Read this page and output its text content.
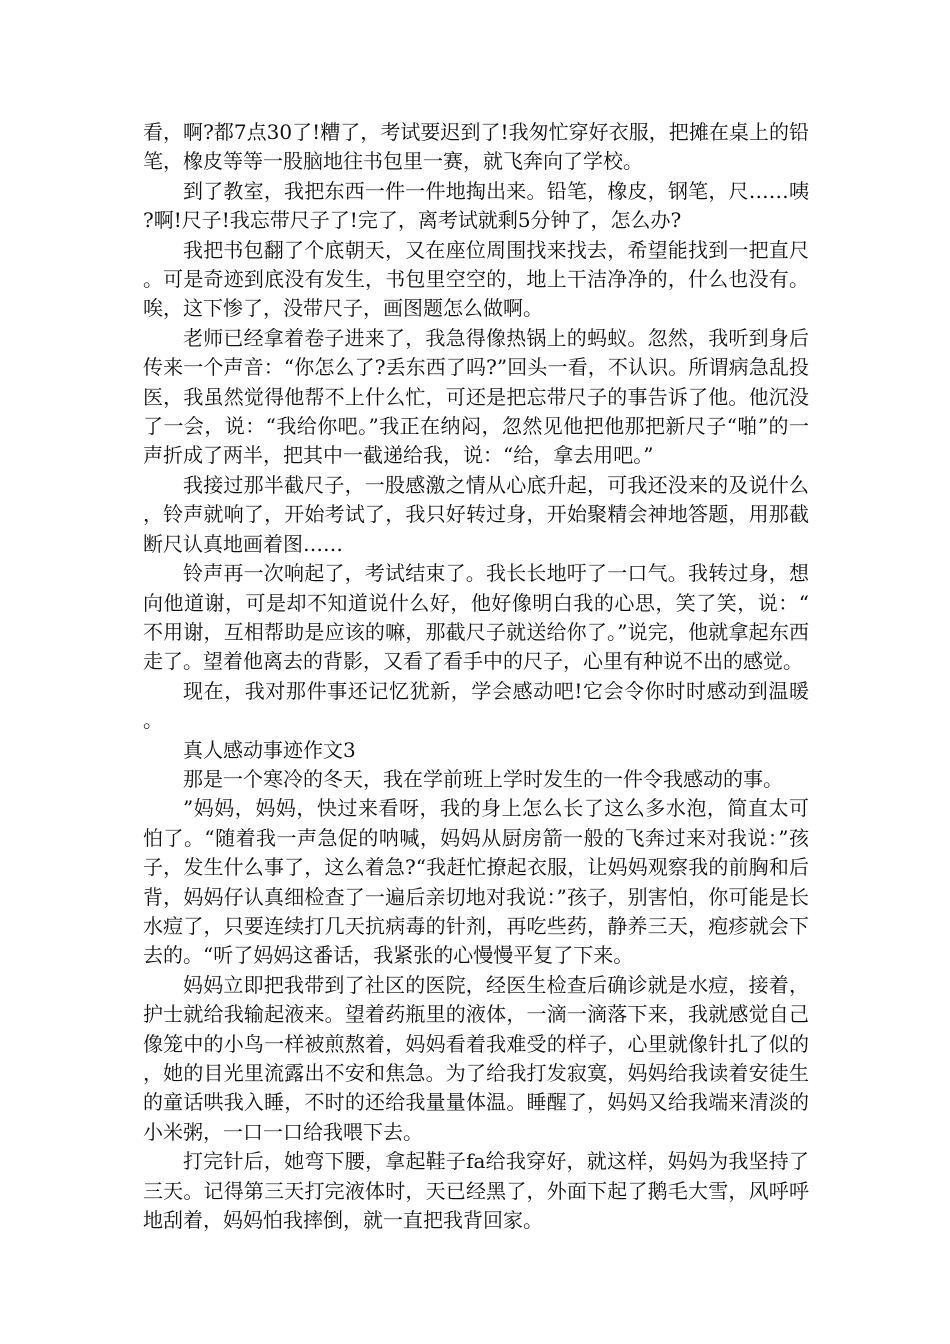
看，啊?都7点30了!糟了，考试要迟到了!我匆忙穿好衣服，把摊在桌上的铅笔，橡皮等等一股脑地往书包里一赛，就飞奔向了学校。

到了教室，我把东西一件一件地掏出来。铅笔，橡皮，钢笔，尺……咦?啊!尺子!我忘带尺子了!完了，离考试就剩5分钟了，怎么办?

我把书包翻了个底朝天，又在座位周围找来找去，希望能找到一把直尺。可是奇迹到底没有发生，书包里空空的，地上干洁净净的，什么也没有。唉，这下惨了，没带尺子，画图题怎么做啊。

老师已经拿着卷子进来了，我急得像热锅上的蚂蚁。忽然，我听到身后传来一个声音：“你怎么了?丢东西了吗?”回头一看，不认识。所谓病急乱投医，我虽然觉得他帮不上什么忙，可还是把忘带尺子的事告诉了他。他沉没了一会，说：“我给你吧。”我正在纳闷，忽然见他把他那把新尺子“啪”的一声折成了两半，把其中一截递给我，说：“给，拿去用吧。”

我接过那半截尺子，一股感激之情从心底升起，可我还没来的及说什么，铃声就响了，开始考试了，我只好转过身，开始聚精会神地答题，用那截断尺认真地画着图……

铃声再一次响起了，考试结束了。我长长地吁了一口气。我转过身，想向他道谢，可是却不知道说什么好，他好像明白我的心思，笑了笑，说：“不用谢，互相帮助是应该的嘛，那截尺子就送给你了。”说完，他就拿起东西走了。望着他离去的背影，又看了看手中的尺子，心里有种说不出的感觉。

现在，我对那件事还记忆犹新，学会感动吧!它会令你时时感动到温暖。

真人感动事迹作文3

那是一个寒冷的冬天，我在学前班上学时发生的一件令我感动的事。

”妈妈，妈妈，快过来看呀，我的身上怎么长了这么多水泡，简直太可怕了。“随着我一声急促的呐喊，妈妈从厨房箭一般的飞奔过来对我说：”孩子，发生什么事了，这么着急?“我赶忙撩起衣服，让妈妈观察我的前胸和后背，妈妈仔认真细检查了一遍后亲切地对我说：”孩子，别害怕，你可能是长水痘了，只要连续打几天抗病毒的针剂，再吃些药，静养三天，疱疹就会下去的。“听了妈妈这番话，我紧张的心慢慢平复了下来。

妈妈立即把我带到了社区的医院，经医生检查后确诊就是水痘，接着，护士就给我输起液来。望着药瓶里的液体，一滴一滴落下来，我就感觉自己像笼中的小鸟一样被煎熬着，妈妈看着我难受的样子，心里就像针扎了似的，她的目光里流露出不安和焦急。为了给我打发寂寞，妈妈给我读着安徒生的童话哄我入睡，不时的还给我量量体温。睡醒了，妈妈又给我端来清淡的小米粥，一口一口给我喂下去。

打完针后，她弯下腰，拿起鞋子fa给我穿好，就这样，妈妈为我坚持了三天。记得第三天打完液体时，天已经黑了，外面下起了鹅毛大雪，风呼呼地刮着，妈妈怕我摔倒，就一直把我背回家。
